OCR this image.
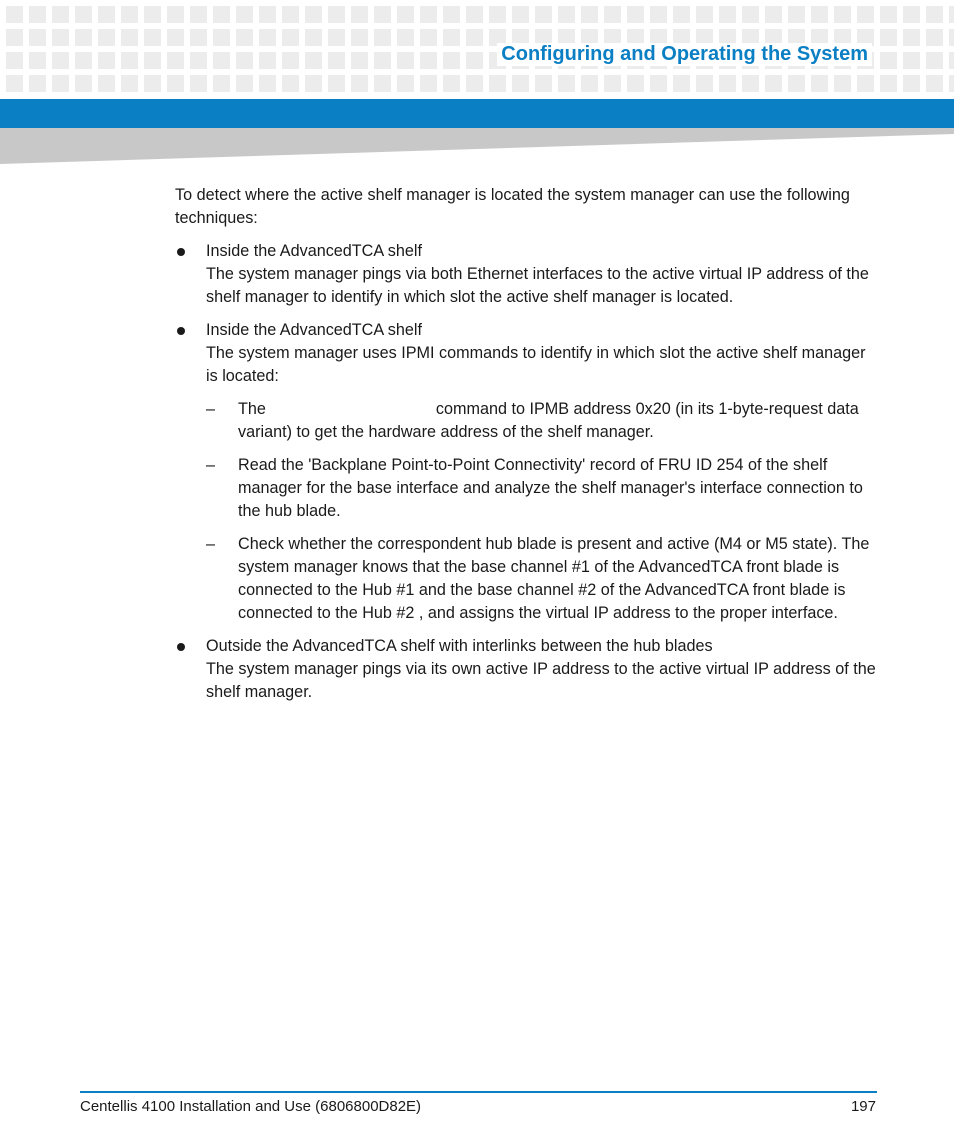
Configuring and Operating the System

To detect where the active shelf manager is located the system manager can use the following techniques:

Inside the AdvancedTCA shelf
The system manager pings via both Ethernet interfaces to the active virtual IP address of the shelf manager to identify in which slot the active shelf manager is located.
Inside the AdvancedTCA shelf
The system manager uses IPMI commands to identify in which slot the active shelf manager is located:
– The	command to IPMB address 0x20 (in its 1-byte-request data variant) to get the hardware address of the shelf manager.
– Read the 'Backplane Point-to-Point Connectivity' record of FRU ID 254 of the shelf manager for the base interface and analyze the shelf manager's interface connection to the hub blade.
– Check whether the correspondent hub blade is present and active (M4 or M5 state). The system manager knows that the base channel #1 of the AdvancedTCA front blade is connected to the Hub #1 and the base channel #2 of the AdvancedTCA front blade is connected to the Hub #2 , and assigns the virtual IP address to the proper interface.
Outside the AdvancedTCA shelf with interlinks between the hub blades
The system manager pings via its own active IP address to the active virtual IP address of the shelf manager.
Centellis 4100 Installation and Use (6806800D82E)	197
